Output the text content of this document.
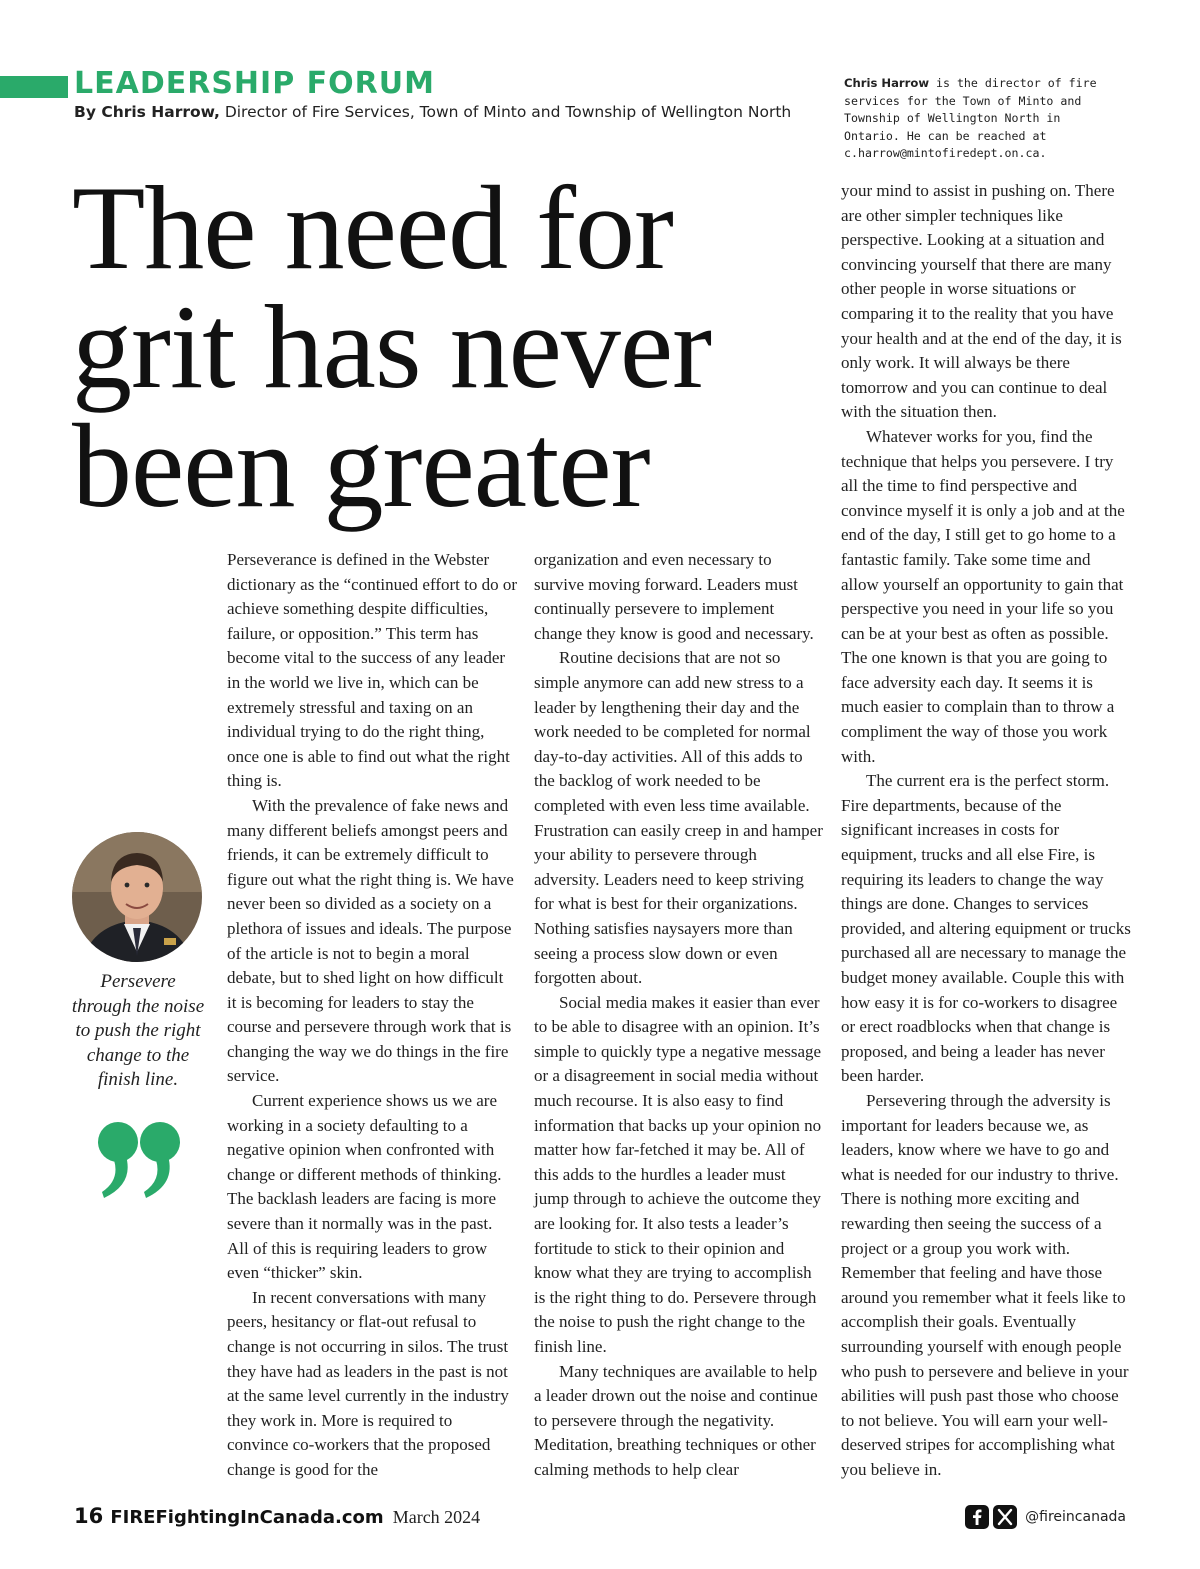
LEADERSHIP FORUM
By Chris Harrow, Director of Fire Services, Town of Minto and Township of Wellington North
Chris Harrow is the director of fire services for the Town of Minto and Township of Wellington North in Ontario. He can be reached at c.harrow@mintofiredept.on.ca.
The need for grit has never been greater

Perseverance is defined in the Webster dictionary as the “continued effort to do or achieve something despite difficulties, failure, or opposition.” This term has become vital to the success of any leader in the world we live in, which can be extremely stressful and taxing on an individual trying to do the right thing, once one is able to find out what the right thing is.

With the prevalence of fake news and many different beliefs amongst peers and friends, it can be extremely difficult to figure out what the right thing is. We have never been so divided as a society on a plethora of issues and ideals. The purpose of the article is not to begin a moral debate, but to shed light on how difficult it is becoming for leaders to stay the course and persevere through work that is changing the way we do things in the fire service.

Current experience shows us we are working in a society defaulting to a negative opinion when confronted with change or different methods of thinking. The backlash leaders are facing is more severe than it normally was in the past. All of this is requiring leaders to grow even “thicker” skin.

In recent conversations with many peers, hesitancy or flat-out refusal to change is not occurring in silos. The trust they have had as leaders in the past is not at the same level currently in the industry they work in. More is required to convince co-workers that the proposed change is good for the

organization and even necessary to survive moving forward. Leaders must continually persevere to implement change they know is good and necessary.

Routine decisions that are not so simple anymore can add new stress to a leader by lengthening their day and the work needed to be completed for normal day-to-day activities. All of this adds to the backlog of work needed to be completed with even less time available. Frustration can easily creep in and hamper your ability to persevere through adversity. Leaders need to keep striving for what is best for their organizations. Nothing satisfies naysayers more than seeing a process slow down or even forgotten about.

Social media makes it easier than ever to be able to disagree with an opinion. It’s simple to quickly type a negative message or a disagreement in social media without much recourse. It is also easy to find information that backs up your opinion no matter how far-fetched it may be. All of this adds to the hurdles a leader must jump through to achieve the outcome they are looking for. It also tests a leader’s fortitude to stick to their opinion and know what they are trying to accomplish is the right thing to do. Persevere through the noise to push the right change to the finish line.

Many techniques are available to help a leader drown out the noise and continue to persevere through the negativity. Meditation, breathing techniques or other calming methods to help clear

your mind to assist in pushing on. There are other simpler techniques like perspective. Looking at a situation and convincing yourself that there are many other people in worse situations or comparing it to the reality that you have your health and at the end of the day, it is only work. It will always be there tomorrow and you can continue to deal with the situation then.

Whatever works for you, find the technique that helps you persevere. I try all the time to find perspective and convince myself it is only a job and at the end of the day, I still get to go home to a fantastic family. Take some time and allow yourself an opportunity to gain that perspective you need in your life so you can be at your best as often as possible. The one known is that you are going to face adversity each day. It seems it is much easier to complain than to throw a compliment the way of those you work with.

The current era is the perfect storm. Fire departments, because of the significant increases in costs for equipment, trucks and all else Fire, is requiring its leaders to change the way things are done. Changes to services provided, and altering equipment or trucks purchased all are necessary to manage the budget money available. Couple this with how easy it is for co-workers to disagree or erect roadblocks when that change is proposed, and being a leader has never been harder.

Persevering through the adversity is important for leaders because we, as leaders, know where we have to go and what is needed for our industry to thrive. There is nothing more exciting and rewarding then seeing the success of a project or a group you work with. Remember that feeling and have those around you remember what it feels like to accomplish their goals. Eventually surrounding yourself with enough people who push to persevere and believe in your abilities will push past those who choose to not believe. You will earn your well-deserved stripes for accomplishing what you believe in.

Persevere through the noise to push the right change to the finish line.
16 FIREFightingInCanada.com March 2024	@fireincanada
